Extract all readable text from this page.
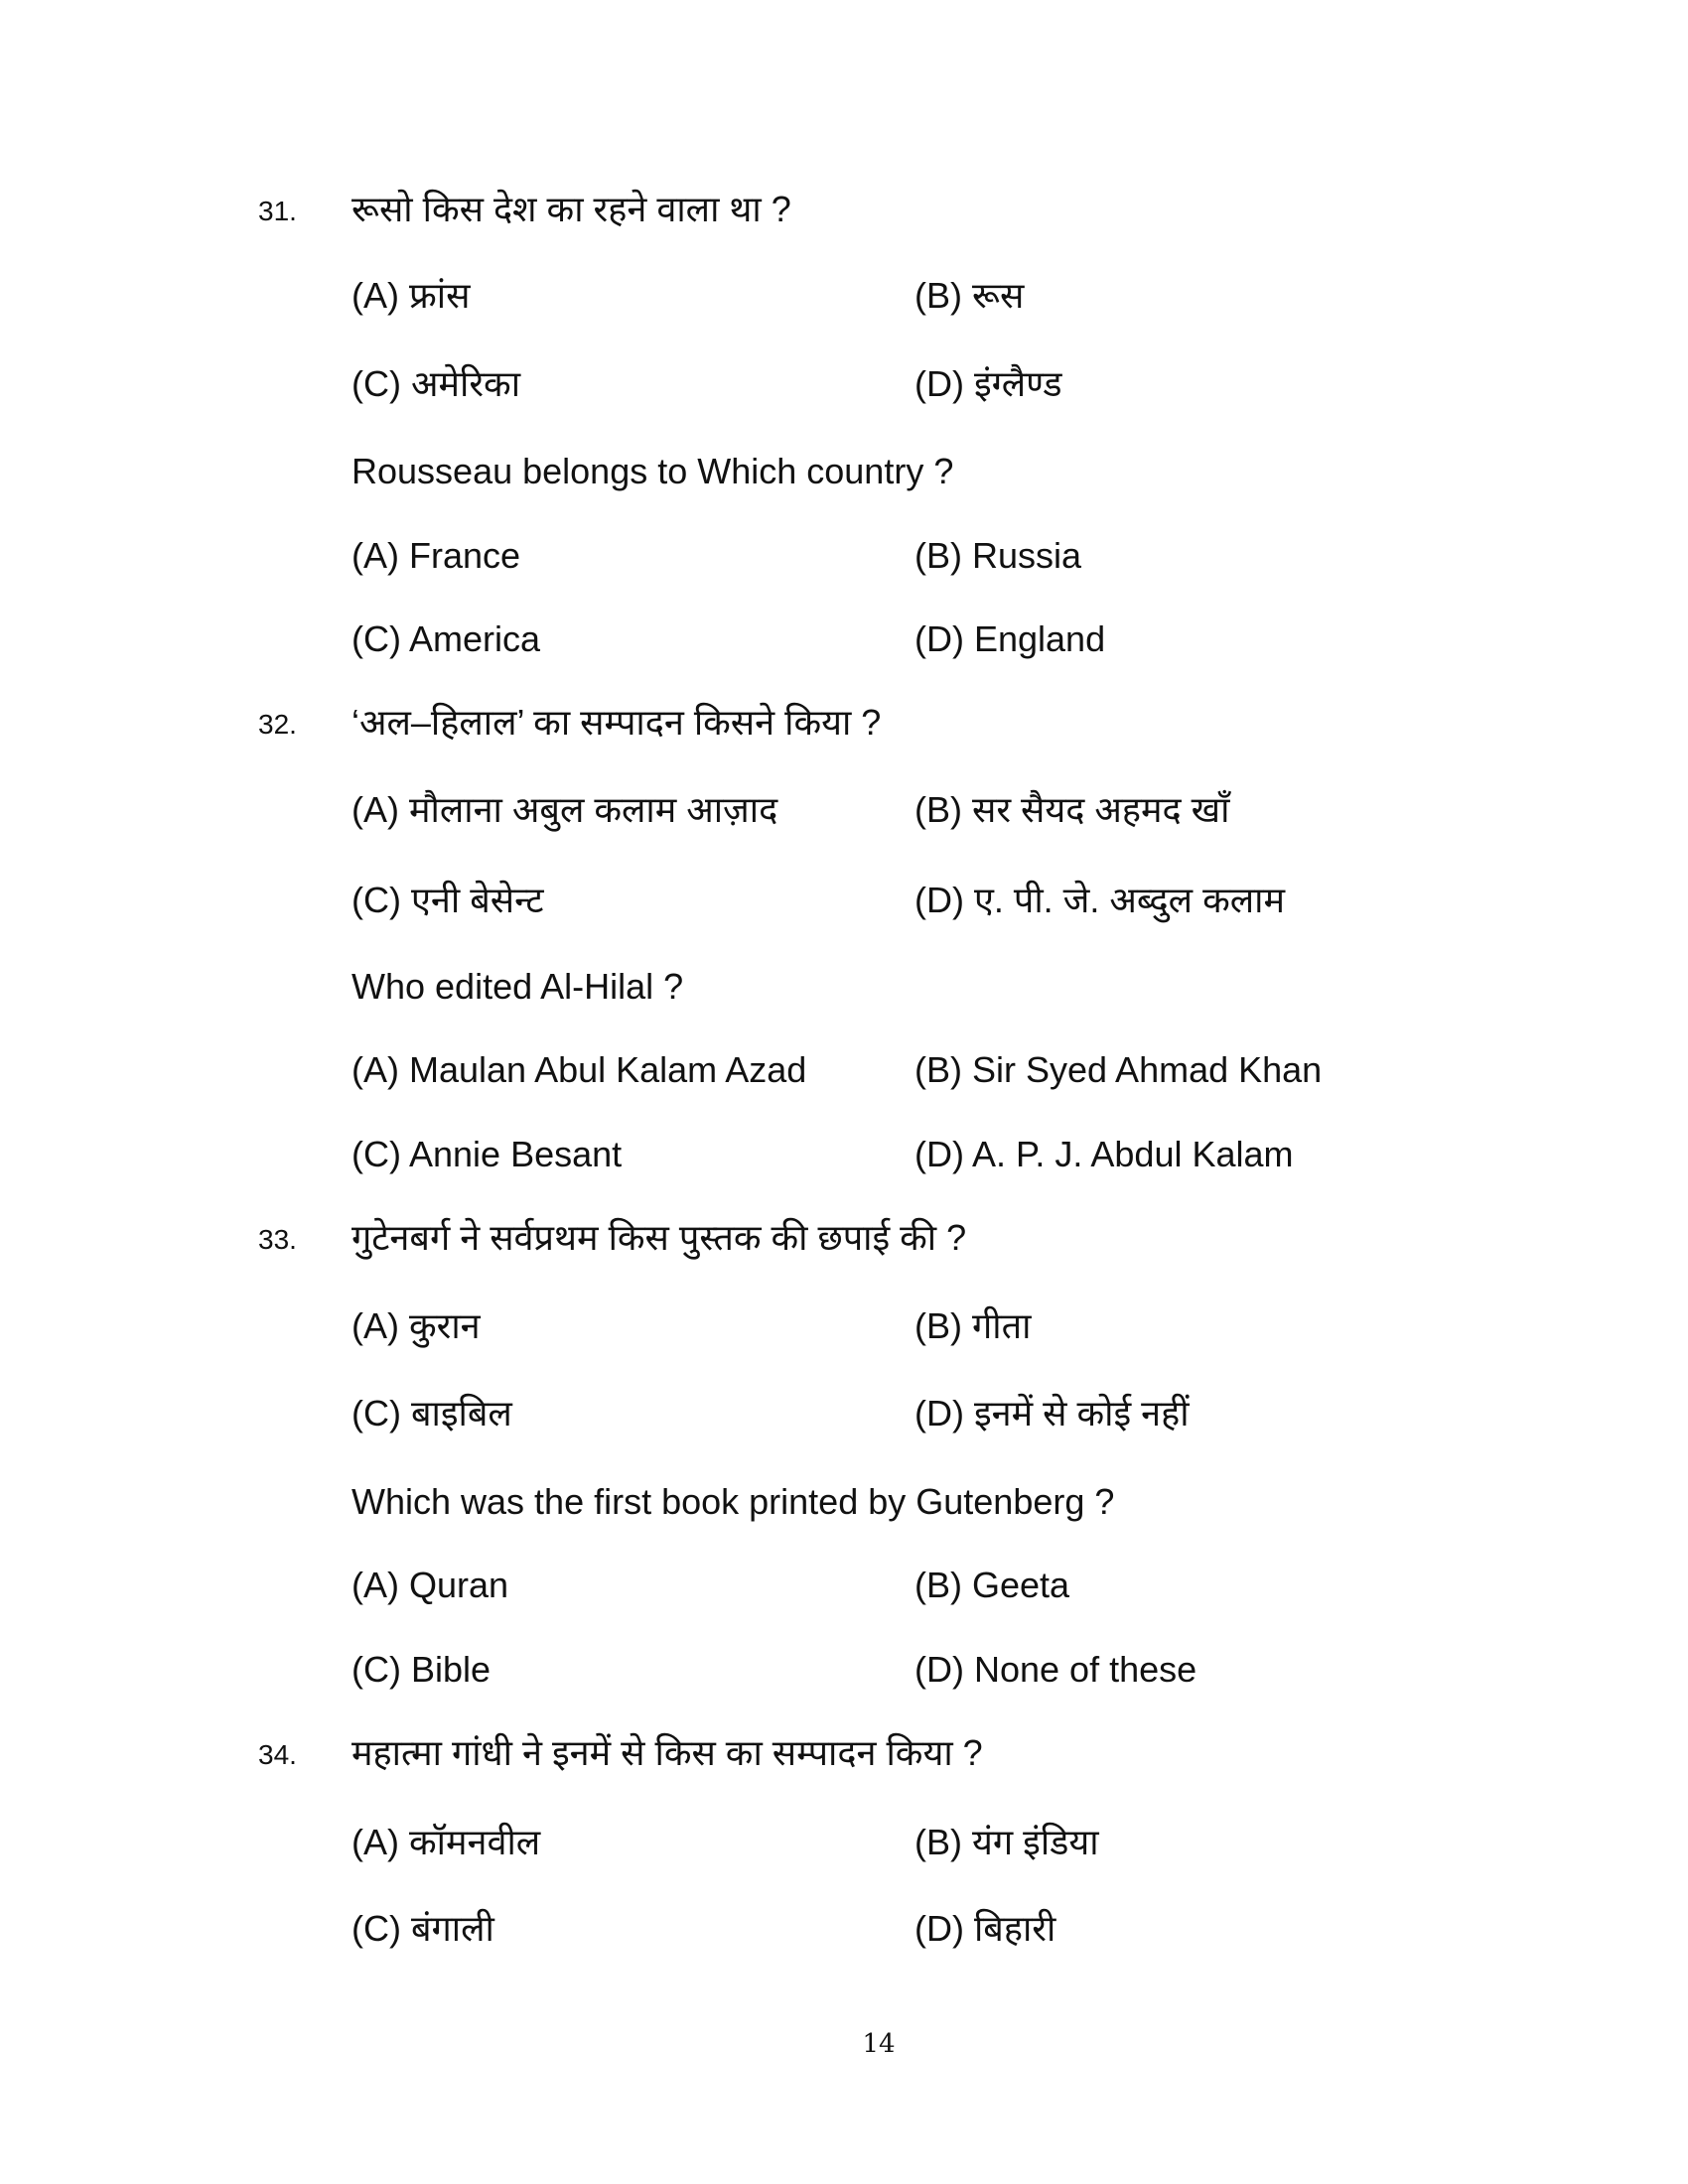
31. रूसो किस देश का रहने वाला था ?
(A) फ्रांस	(B) रूस
(C) अमेरिका	(D) इंग्लैण्ड
Rousseau belongs to Which country ?
(A) France	(B) Russia
(C) America	(D) England
32. ‘अल–हिलाल’ का सम्पादन किसने किया ?
(A) मौलाना अबुल कलाम आज़ाद	(B) सर सैयद अहमद खाँ
(C) एनी बेसेन्ट	(D) ए. पी. जे. अब्दुल कलाम
Who edited Al-Hilal ?
(A) Maulan Abul Kalam Azad	(B) Sir Syed Ahmad Khan
(C) Annie Besant	(D) A. P. J. Abdul Kalam
33. गुटेनबर्ग ने सर्वप्रथम किस पुस्तक की छपाई की ?
(A) कुरान	(B) गीता
(C) बाइबिल	(D) इनमें से कोई नहीं
Which was the first book printed by Gutenberg ?
(A) Quran	(B) Geeta
(C) Bible	(D) None of these
34. महात्मा गांधी ने इनमें से किस का सम्पादन किया ?
(A) कॉमनवील	(B) यंग इंडिया
(C) बंगाली	(D) बिहारी
14
